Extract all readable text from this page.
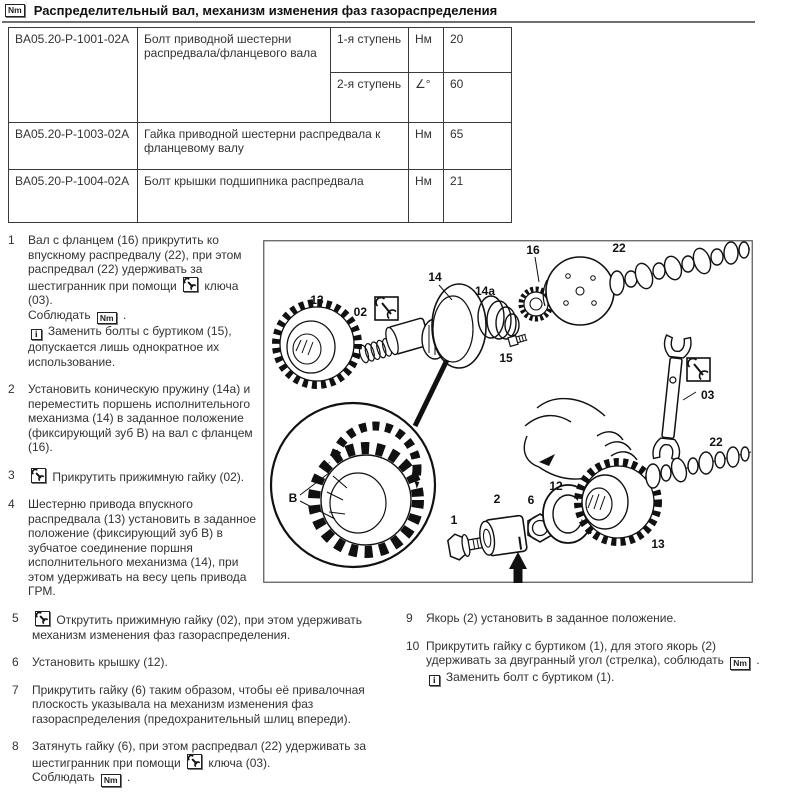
Nm Распределительный вал, механизм изменения фаз газораспределения
BA05.20-P-1001-02A	Болт приводной шестерни распредвала/фланцевого вала	1-я ступень	Нм	20
		2-я ступень	∠°	60
BA05.20-P-1003-02A	Гайка приводной шестерни распредвала к фланцевому валу		Нм	65
BA05.20-P-1004-02A	Болт крышки подшипника распредвала		Нм	21
1	Вал с фланцем (16) прикрутить ко впускному распредвалу (22), при этом распредвал (22) удерживать за шестигранник при помощи
ключа (03).
Соблюдать Nm .
i Заменить болты с буртиком (15), допускается лишь однократное их использование.
2	Установить коническую пружину (14a) и переместить поршень исполнительного механизма (14) в заданное положение (фиксирующий зуб B) на вал с фланцем (16).
3	Прикрутить прижимную гайку (02).
4	Шестерню привода впускного распредвала (13) установить в заданное положение (фиксирующий зуб B) в зубчатое соединение поршня исполнительного механизма (14), при этом удерживать на весу цепь привода ГРМ.
13
02
14
14a
15
16	22
03
B
1
2 6
12
13
22
5	Открутить прижимную гайку (02), при этом удерживать механизм изменения фаз газораспределения.
6	Установить крышку (12).
7	Прикрутить гайку (6) таким образом, чтобы её привалочная плоскость указывала на механизм изменения фаз газораспределения (предохранительный шлиц впереди).
8	Затянуть гайку (6), при этом распредвал (22) удерживать за шестигранник при помощи
ключа (03).
Соблюдать Nm .
9	Якорь (2) установить в заданное положение.
10 Прикрутить гайку с буртиком (1), для этого якорь (2) удерживать за двугранный угол (стрелка), соблюдать Nm .
i Заменить болт с буртиком (1).
